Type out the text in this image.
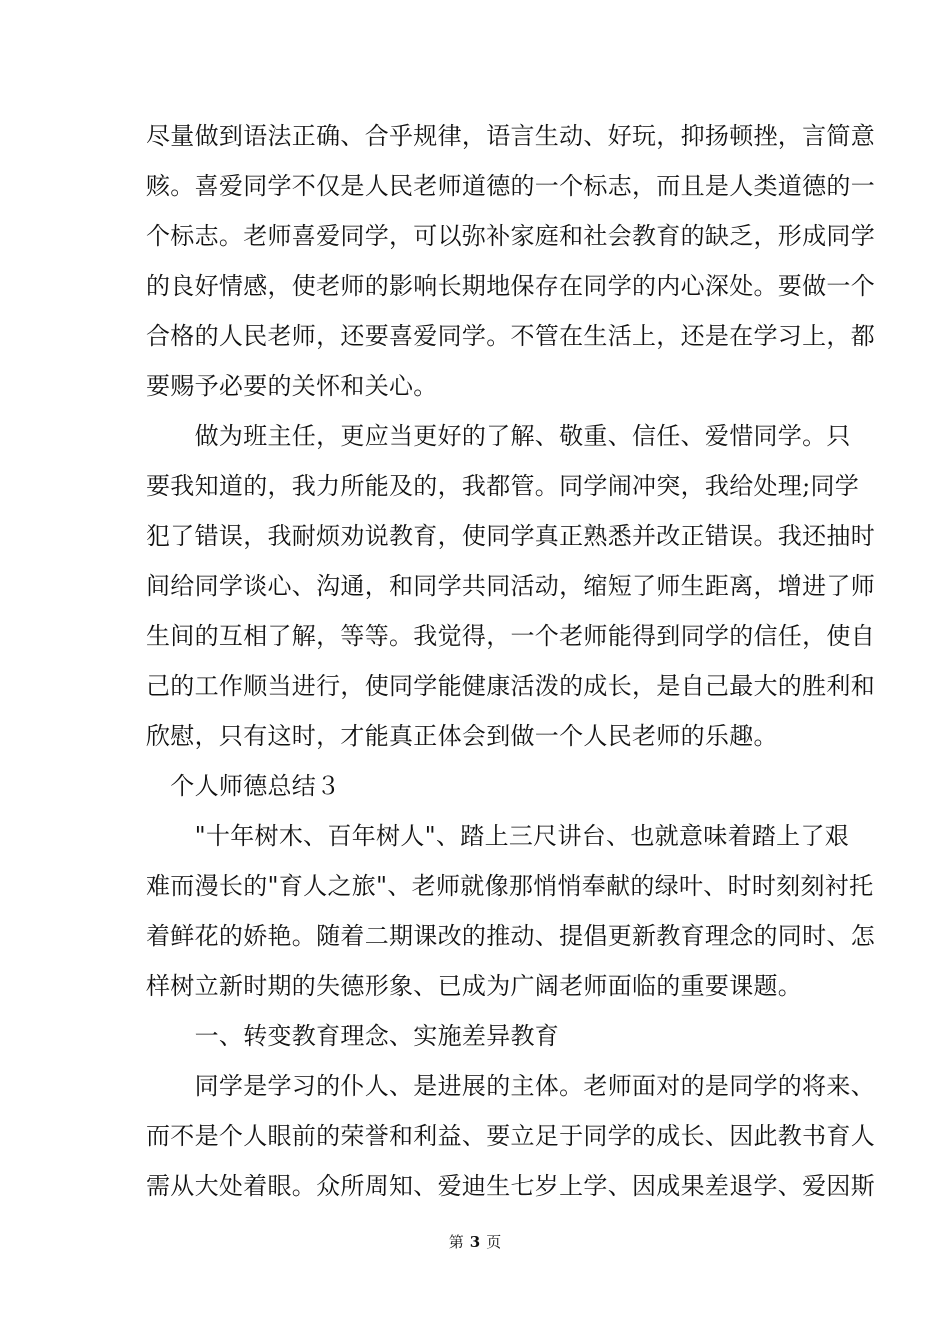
尽量做到语法正确、合乎规律，语言生动、好玩，抑扬顿挫，言简意
赅。喜爱同学不仅是人民老师道德的一个标志，而且是人类道德的一
个标志。老师喜爱同学，可以弥补家庭和社会教育的缺乏，形成同学
的良好情感，使老师的影响长期地保存在同学的内心深处。要做一个
合格的人民老师，还要喜爱同学。不管在生活上，还是在学习上，都
要赐予必要的关怀和关心。
　　做为班主任，更应当更好的了解、敬重、信任、爱惜同学。只
要我知道的，我力所能及的，我都管。同学闹冲突，我给处理;同学
犯了错误，我耐烦劝说教育，使同学真正熟悉并改正错误。我还抽时
间给同学谈心、沟通，和同学共同活动，缩短了师生距离，增进了师
生间的互相了解，等等。我觉得，一个老师能得到同学的信任，使自
己的工作顺当进行，使同学能健康活泼的成长，是自己最大的胜利和
欣慰，只有这时，才能真正体会到做一个人民老师的乐趣。
　个人师德总结３
　　"十年树木、百年树人"、踏上三尺讲台、也就意味着踏上了艰
难而漫长的"育人之旅"、老师就像那悄悄奉献的绿叶、时时刻刻衬托
着鲜花的娇艳。随着二期课改的推动、提倡更新教育理念的同时、怎
样树立新时期的失德形象、已成为广阔老师面临的重要课题。
　　一、转变教育理念、实施差异教育
　　同学是学习的仆人、是进展的主体。老师面对的是同学的将来、
而不是个人眼前的荣誉和利益、要立足于同学的成长、因此教书育人
需从大处着眼。众所周知、爱迪生七岁上学、因成果差退学、爱因斯
第 3 页
